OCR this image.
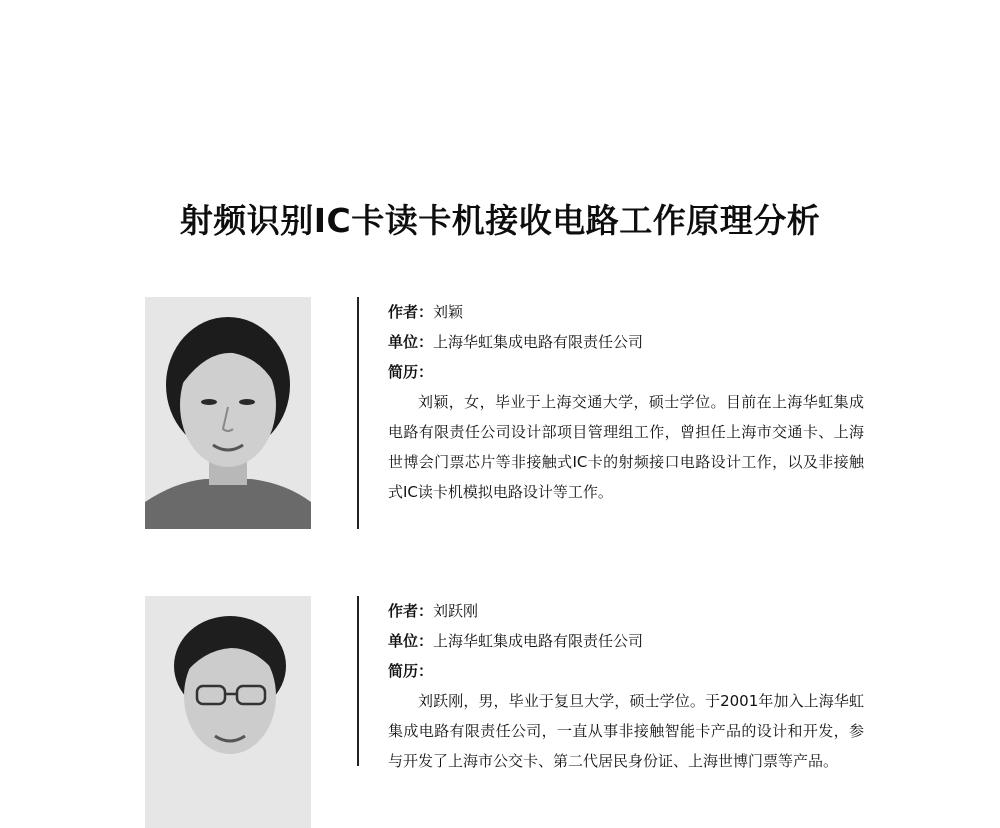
射频识别IC卡读卡机接收电路工作原理分析
作者：刘颖
单位：上海华虹集成电路有限责任公司
简历：
刘颖，女，毕业于上海交通大学，硕士学位。目前在上海华虹集成电路有限责任公司设计部项目管理组工作，曾担任上海市交通卡、上海世博会门票芯片等非接触式IC卡的射频接口电路设计工作，以及非接触式IC读卡机模拟电路设计等工作。
作者：刘跃刚
单位：上海华虹集成电路有限责任公司
简历：
刘跃刚，男，毕业于复旦大学，硕士学位。于2001年加入上海华虹集成电路有限责任公司，一直从事非接触智能卡产品的设计和开发，参与开发了上海市公交卡、第二代居民身份证、上海世博门票等产品。
